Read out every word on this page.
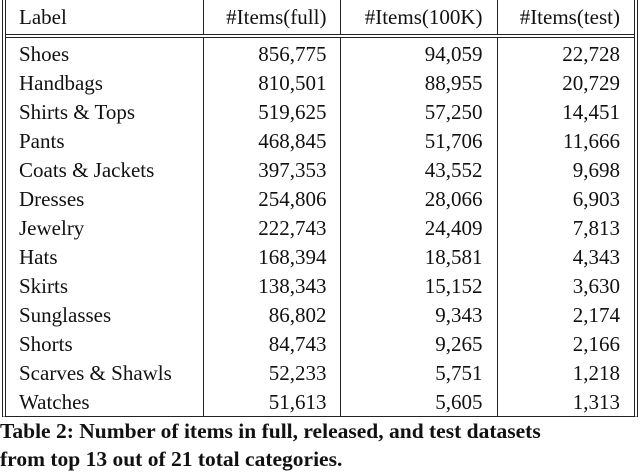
Label	#Items(full)	#Items(100K)	#Items(test)
Shoes	856,775	94,059	22,728
Handbags	810,501	88,955	20,729
Shirts & Tops	519,625	57,250	14,451
Pants	468,845	51,706	11,666
Coats & Jackets	397,353	43,552	9,698
Dresses	254,806	28,066	6,903
Jewelry	222,743	24,409	7,813
Hats	168,394	18,581	4,343
Skirts	138,343	15,152	3,630
Sunglasses	86,802	9,343	2,174
Shorts	84,743	9,265	2,166
Scarves & Shawls	52,233	5,751	1,218
Watches	51,613	5,605	1,313
Table 2: Number of items in full, released, and test datasets
from top 13 out of 21 total categories.
